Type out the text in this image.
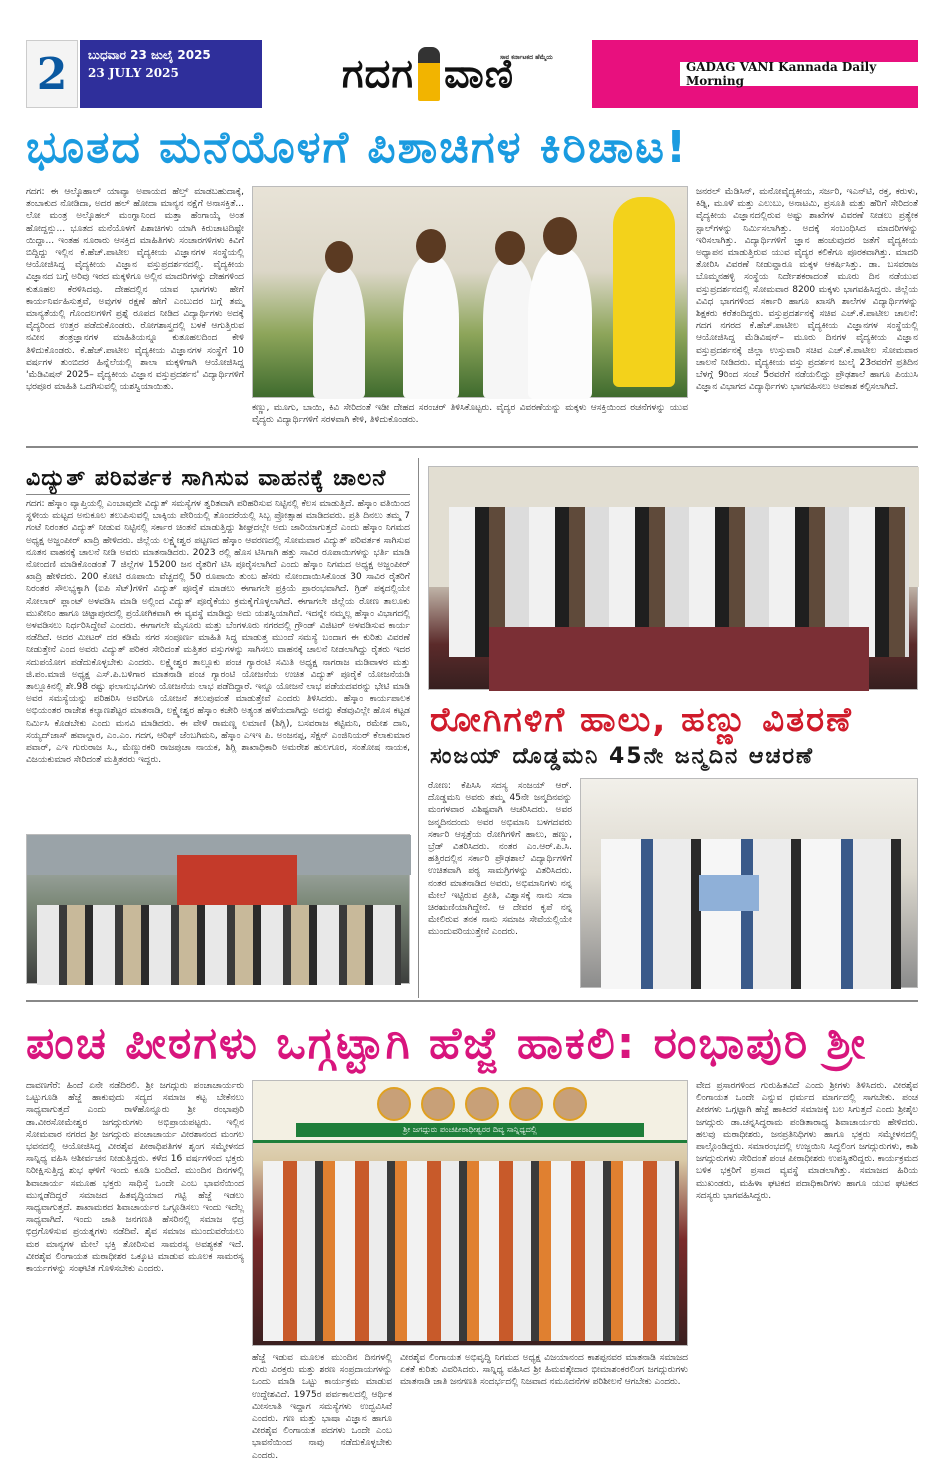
2	ಬುಧವಾರ 23 ಜುಲೈ 2025
23 JULY 2025	ಗದಗ ವಾಣಿ
ಸಾವ ಕರ್ನಾಟಕದ ಹೆಮ್ಮೆಯ
GADAG VANI Kannada Daily Morning
ಭೂತದ ಮನೆಯೊಳಗೆ ಪಿಶಾಚಿಗಳ ಕಿರಿಚಾಟ!

ಗದಗ: ಈ ಆಲ್ಕೊಹಾಲ್ ಯಾವ್ಯಾ ಅಪಾಯದ ಹೆಲ್ತ್ ಮಾಡಬಹುದಾಕ್ಕೆ, ತಂಬಾಕುದ ನೋಡಿದಾ, ಅದರ ಹಲ್ ಹೋದಾ ಮಾನ್ಯನ ನಕ್ಷೆಗೆ ಅನಾಸಕ್ತಿತೆ... ಲೋ ಮಂತ್ರ ಅಲ್ಕೊಹಲ್ ಮಂಗ್ನಾನಿಂದ ಮತ್ತಾ ಹೆಂಗಾಯ್ಕೆ ಅಂತ ಹೋದ್ದನ್ಲು... ಭೂತದ ಮನೆಯೊಳಗೆ ಪಿಶಾಚಿಗಳು ಯಾಗಿ ಕಿರುಚಾಟದಿಷ್ಟೇ ಯಿದ್ದಾ... ಇಂತಹ ನೂರಾರು ಆಸಕ್ತಿದ ಮಾಹಿತಿಗಳು ಸಂಚಾರಗಳಿಗಳು ಕಿವಿಗೆ ಬಿದ್ದಿದ್ದು ಇಲ್ಲಿನ ಕೆ.ಹೆಚ್.ಪಾಟೀಲ ವೈದ್ಯಕೀಯ ವಿಜ್ಞಾನಗಳ ಸಂಸ್ಥೆಯಲ್ಲಿ ಆಯೋಜಿಸಿದ್ದ ವೈದ್ಯಕೀಯ ವಿಜ್ಞಾನ ವಸ್ತುಪ್ರದರ್ಶನದಲ್ಲಿ. ವೈದ್ಯಕೀಯ ವಿಜ್ಞಾನದ ಬಗ್ಗೆ ಅರಿವು ಇರದ ಮಕ್ಕಳಿಗೂ ಅಲ್ಲಿನ ಮಾದರಿಗಳನ್ನು ದೇಹಗಳಿಂದ ಕುತೂಹಲ ಕೆರಳಿಸಿದವು. ದೇಹದಲ್ಲಿನ ಯಾವ ಭಾಗಗಳು ಹೇಗೆ ಕಾರ್ಯನಿರ್ವಹಿಸುತ್ತವೆ, ಅವುಗಳ ರಕ್ಷಣೆ ಹೇಗೆ ಎಂಬುದರ ಬಗ್ಗೆ ತಮ್ಮ ಮಾನ್ಯತೆಯಲ್ಲಿ ಗೊಂದಲಗಳಿಗೆ ಪ್ರಶ್ನೆ ರೂಪದ ನೀಡಿದ ವಿದ್ಯಾರ್ಥಿಗಳು ಅದಕ್ಕೆ ವೈದ್ಯರಿಂದ ಉತ್ತರ ಪಡೆದುಕೊಂಡರು. ರೋಗಶಾಸ್ತ್ರದಲ್ಲಿ ಬಳಕೆ ಆಗುತ್ತಿರುವ ನವೀನ ತಂತ್ರಜ್ಞಾನಗಳ ಮಾಹಿತಿಯನ್ನೂ ಕುತೂಹಲದಿಂದ ಕೇಳಿ ತಿಳಿದುಕೊಂಡರು. ಕೆ.ಹೆಚ್.ಪಾಟೀಲ ವೈದ್ಯಕೀಯ ವಿಜ್ಞಾನಗಳ ಸಂಸ್ಥೆಗೆ 10 ವರ್ಷಗಳ ತುಂಬಿದರ ಹಿನ್ನೆಲೆಯಲ್ಲಿ ಶಾಲಾ ಮಕ್ಕಳಿಗಾಗಿ ಆಯೋಜಿಸಿದ್ದ 'ಮೆಡಿವಿಷನ್ 2025– ವೈದ್ಯಕೀಯ ವಿಜ್ಞಾನ ವಸ್ತುಪ್ರದರ್ಶನ' ವಿದ್ಯಾರ್ಥಿಗಳಿಗೆ ಭರಪೂರ ಮಾಹಿತಿ ಒದಗಿಸುವಲ್ಲಿ ಯಶಸ್ವಿಯಾಯಿತು.

ಕಣ್ಣು, ಮೂಗು, ಬಾಯಿ, ಕಿವಿ ಸೇರಿದಂತೆ ಇಡೀ ದೇಹದ ಸರಂಚರ್ ತಿಳಿಸಿಕೊಟ್ಟರು. ವೈದ್ಯರ ವಿವರಣೆಯನ್ನು ಮಕ್ಕಳು ಆಸಕ್ತಿಯಿಂದ ರಚನೆಗಳನ್ನು ಯುವ ವೈದ್ಯರು ವಿದ್ಯಾರ್ಥಿಗಳಿಗೆ ಸರಳವಾಗಿ ಕೇಳಿ, ತಿಳಿದುಕೊಂಡರು.

ಜನರಲ್ ಮೆಡಿಸಿನ್, ಮನೋವೈದ್ಯಕೀಯ, ಸರ್ಜರಿ, ಇಎನ್‌ಟಿ, ರಕ್ತ, ಕರುಳು, ಕಿಡ್ನಿ, ಮೂಳೆ ಮತ್ತು ಎಲುಬು, ಅನಾಟಮಿ, ಪ್ರಸೂತಿ ಮತ್ತು ಹೆರಿಗೆ ಸೇರಿದಂತೆ ವೈದ್ಯಕೀಯ ವಿಜ್ಞಾನದಲ್ಲಿರುವ ಅಷ್ಟು ಶಾಖೆಗಳ ವಿವರಣೆ ನೀಡಲು ಪ್ರತ್ಯೇಕ ಸ್ಟಾಲ್‌ಗಳನ್ನು ನಿರ್ಮಿಸಲಾಗಿತ್ತು. ಅದಕ್ಕೆ ಸಂಬಂಧಿಸಿದ ಮಾದರಿಗಳನ್ನು ಇರಿಸಲಾಗಿತ್ತು. ವಿದ್ಯಾರ್ಥಿಗಳಿಗೆ ಜ್ಞಾನ ಹಂಚುವುದರ ಜತೆಗೆ ವೈದ್ಯಕೀಯ ಅಧ್ಯಾಪನ ಮಾಡುತ್ತಿರುವ ಯುವ ವೈದ್ಯರ ಕಲಿಕೆಗೂ ಪೂರಕವಾಗಿತ್ತು. ಮಾದರಿ ತೋರಿಸಿ ವಿವರಣೆ ನೀಡುವ್ದಾರೂ ಮಕ್ಕಳ ಆಕರ್ಷಿಸಿತ್ತು. ಡಾ. ಬಸವರಾಜ ಬೊಮ್ಮನಹಳ್ಳಿ ಸಂಸ್ಥೆಯ ನಿರ್ದೇಶಕರಾದಂತೆ ಮೂರು ದಿನ ನಡೆಯುವ ವಸ್ತುಪ್ರದರ್ಶನದಲ್ಲಿ ಸೋಮವಾರ 8200 ಮಕ್ಕಳು ಭಾಗವಹಿಸಿದ್ದರು. ಜಿಲ್ಲೆಯ ವಿವಿಧ ಭಾಗಗಳಿಂದ ಸರ್ಕಾರಿ ಹಾಗೂ ಖಾಸಗಿ ಶಾಲೆಗಳ ವಿದ್ಯಾರ್ಥಿಗಳನ್ನು ಶಿಕ್ಷಕರು ಕರೆತಂದಿದ್ದರು. ವಸ್ತುಪ್ರದರ್ಶನಕ್ಕೆ ಸಚಿವ ಎಚ್.ಕೆ.ಪಾಟೀಲ ಚಾಲನೆ: ಗದಗ ನಗರದ ಕೆ.ಹೆಚ್.ಪಾಟೀಲ ವೈದ್ಯಕೀಯ ವಿಜ್ಞಾನಗಳ ಸಂಸ್ಥೆಯಲ್ಲಿ ಆಯೋಜಿಸಿದ್ದ ಮೆಡಿವಿಷನ್– ಮೂರು ದಿನಗಳ ವೈದ್ಯಕೀಯ ವಿಜ್ಞಾನ ವಸ್ತುಪ್ರದರ್ಶನಕ್ಕೆ ಜಿಲ್ಲಾ ಉಸ್ತುವಾರಿ ಸಚಿವ ಎಚ್.ಕೆ.ಪಾಟೀಲ ಸೋಮವಾರ ಚಾಲನೆ ನೀಡಿದರು. ವೈದ್ಯಕೀಯ ವಸ್ತು ಪ್ರದರ್ಶನ ಜುಲೈ 23ರವರೆಗೆ ಪ್ರತಿದಿನ ಬೆಳಗ್ಗೆ 9ರಿಂದ ಸಂಜೆ 5ರವರೆಗೆ ನಡೆಯಲಿದ್ದು ಪ್ರೌಢಶಾಲೆ ಹಾಗೂ ಪಿಯುಸಿ ವಿಜ್ಞಾನ ವಿಭಾಗದ ವಿದ್ಯಾರ್ಥಿಗಳು ಭಾಗವಹಿಸಲು ಅವಕಾಶ ಕಲ್ಪಿಸಲಾಗಿದೆ.

ವಿದ್ಯುತ್ ಪರಿವರ್ತಕ ಸಾಗಿಸುವ ವಾಹನಕ್ಕೆ ಚಾಲನೆ

ಗದಗ: ಹೆಸ್ಕಾಂ ವ್ಯಾಪ್ತಿಯಲ್ಲಿ ಎಂಬಾವುದೇ ವಿದ್ಯುತ್ ಸಮಸ್ಯೆಗಳ ತ್ವರಿತವಾಗಿ ಪರಿಹರಿಸುವ ನಿಟ್ಟಿನಲ್ಲಿ ಕೆಲಸ ಮಾಡುತ್ತಿದೆ. ಹೆಸ್ಕಾಂ ವತಿಯಿಂದ ಸ್ಥಳೀಯ ಮಟ್ಟದ ಅನುಕೂಲ ತಲುಪಿಸುವಲ್ಲಿ ಬಾಕ್ಕಿಯ ಪೇರಿಯಲ್ಲಿ ತೊಂದರೆಯಲ್ಲಿ ಸಿಬ್ಬ ಪ್ರೋತ್ಸಾಹ ಮಾಡಿದವರು. ಪ್ರತಿ ದಿನಲು ತಮ್ಮ 7 ಗಂಟೆ ನಿರಂತರ ವಿದ್ಯುತ್ ನೀಡುವ ನಿಟ್ಟಿನಲ್ಲಿ ಸರ್ಕಾರ ಚಿಂತನೆ ಮಾಡುತ್ತಿದ್ದು ಶೀಘ್ರದಲ್ಲೇ ಅದು ಜಾರಿಯಾಗುತ್ತದೆ ಎಂದು ಹೆಸ್ಕಾಂ ನಿಗಮದ ಅಧ್ಯಕ್ಷ ಅಜ್ಜಂಪೀರ್ ಖಾದ್ರಿ ಹೇಳಿದರು. ಜಿಲ್ಲೆಯ ಲಕ್ಷ್ಮೇಶ್ವರ ಪಟ್ಟಣದ ಹೆಸ್ಕಾಂ ಆವರಣದಲ್ಲಿ ಸೋಮವಾರ ವಿದ್ಯುತ್ ಪರಿವರ್ತಕ ಸಾಗಿಸುವ ನೂತನ ವಾಹನಕ್ಕೆ ಚಾಲನೆ ನೀಡಿ ಅವರು ಮಾತನಾಡಿದರು. 2023 ರಲ್ಲಿ ಹೊಸ ಟಿಸಿಗಾಗಿ ಹತ್ತು ಸಾವಿರ ರೂಪಾಯಿಗಳನ್ನು ಭರ್ತಿ ಮಾಡಿ ನೋಂದಣಿ ಮಾಡಿಕೊಂಡಂತೆ 7 ಜಿಲ್ಲೆಗಳ 15200 ಜನ ರೈತರಿಗೆ ಟಿಸಿ ಪೂರೈಸಲಾಗಿದೆ ಎಂದು ಹೆಸ್ಕಾಂ ನಿಗಮದ ಅಧ್ಯಕ್ಷ ಅಜ್ಜಂಪೀರ್ ಖಾದ್ರಿ ಹೇಳಿದರು. 200 ಕೋಟಿ ರೂಪಾಯಿ ವೆಚ್ಚದಲ್ಲಿ 50 ರೂಪಾಯಿ ತುಂಬ ಹೆಸರು ನೋಂದಾಯಿಸಿಕೊಂಡ 30 ಸಾವಿರ ರೈತರಿಗೆ ನಿರಂತರ ಸೌಲಭ್ಯಕ್ಕಾಗಿ (ಐಪಿ ಸೆಟ್)ಗಳಿಗೆ ವಿದ್ಯುತ್ ಪೂರೈಕೆ ಮಾಡಲು ಈಗಾಗಲೇ ಪ್ರಕ್ರಿಯೆ ಪ್ರಾರಂಭವಾಗಿದೆ. ಗ್ರಿಡ್ ಪಕ್ಕದಲ್ಲಿಯೇ ಸೋಲಾರ್ ಪ್ಲಾಂಟ್ ಅಳವಡಿಸಿ ಮಾಡಿ ಅಲ್ಲಿಂದ ವಿದ್ಯುತ್ ಪೂರೈಕೆಯು ಕ್ರಮಕೈಗೊಳ್ಳಲಾಗಿದೆ. ಈಗಾಗಲೇ ಜಿಲ್ಲೆಯ ರೋಣ ತಾಲೂಕು ಮುಖೀನಿಂ ಹಾಗೂ ಚಿಟ್ಟಾಪುರದಲ್ಲಿ ಪ್ರಯೋಗಿಕವಾಗಿ ಈ ವ್ಯವಸ್ಥೆ ಮಾಡಿದ್ದು ಅದು ಯಶಸ್ವಿಯಾಗಿದೆ. ಇದನ್ನೇ ನಮ್ಮಲ್ಲ ಹೆಸ್ಕಾಂ ವಿಭಾಗದಲ್ಲಿ ಅಳವಡಿಸಲು ನಿರ್ಧರಿಸಿದ್ದೇವೆ ಎಂದರು. ಈಗಾಗಲೇ ಮೈಸೂರು ಮತ್ತು ಬೆಂಗಳೂರು ನಗರದಲ್ಲಿ ಗ್ರೌಂಡ್ ವಿಜಿಟರ್ ಅಳವಡಿಸುವ ಕಾರ್ಯ ನಡೆದಿದೆ. ಅದರ ಮೀಟರ್ ದರ ಕಡಿಮೆ ನಗರ ಸಂಪೂರ್ಣ ಮಾಹಿತಿ ಸಿದ್ಧ ಮಾಡುತ್ತ ಮುಂದೆ ಸಮಸ್ಯೆ ಬಂದಾಗ ಈ ಕುರಿತು ವಿವರಣೆ ನೀಡುತ್ತೇನೆ ಎಂದ ಅವರು ವಿದ್ಯುತ್ ಪರಿಕರ ಸೇರಿದಂತೆ ಮತ್ತಿತರ ವಸ್ತುಗಳನ್ನು ಸಾಗಿಸಲು ವಾಹನಕ್ಕೆ ಚಾಲನೆ ನೀಡಲಾಗಿದ್ದು ರೈತರು ಇದರ ಸದುಪಯೋಗ ಪಡೆದುಕೊಳ್ಳಬೇಕು ಎಂದರು. ಲಕ್ಷ್ಮೇಶ್ವರ ತಾಲ್ಲೂಕು ಪಂಚ ಗ್ಯಾರಂಟಿ ಸಮಿತಿ ಅಧ್ಯಕ್ಷ ನಾಗರಾಜ ಮಡಿವಾಳರ ಮತ್ತು ಜಿ.ಪಂ.ಮಾಜಿ ಅಧ್ಯಕ್ಷ ಎಸ್.ಪಿ.ಬಳಿಗಾರ ಮಾತನಾಡಿ ಪಂಚ ಗ್ಯಾರಂಟಿ ಯೋಜನೆಯ ಉಚಿತ ವಿದ್ಯುತ್ ಪೂರೈಕೆ ಯೋಜನೆಯಡಿ ತಾಲ್ಲೂಕಿನಲ್ಲಿ ಶೇ.98 ರಷ್ಟು ಫಲಾನುಭವಿಗಳು ಯೋಜನೆಯ ಲಾಭ ಪಡೆದಿದ್ದಾರೆ. ಇನ್ನೂ ಯೋಜನೆ ಲಾಭ ಪಡೆಯದವರನ್ನು ಭೇಟಿ ಮಾಡಿ ಅವರ ಸಮಸ್ಯೆಯನ್ನು ಪರಿಹರಿಸಿ ಅವರಿಗೂ ಯೋಜನೆ ತಲುಪುವಂತೆ ಮಾಡುತ್ತೇವೆ ಎಂದರು ತಿಳಿಸಿದರು. ಹೆಸ್ಕಾಂ ಕಾರ್ಯಪಾಲಕ ಅಭಿಯಂತರ ರಾಜೇಶ ಕಲ್ಯಾಣಶೆಟ್ಟರ ಮಾತನಾಡಿ, ಲಕ್ಷ್ಮೇಶ್ವರ ಹೆಸ್ಕಾಂ ಕಚೇರಿ ಅತ್ಯಂತ ಹಳೆಯದಾಗಿದ್ದು ಅದನ್ನು ಕೆಡವುವಿಲ್ಲೇ ಹೊಸ ಕಟ್ಟಡ ನಿರ್ಮಿಸಿ ಕೊಡಬೇಕು ಎಂದು ಮನವಿ ಮಾಡಿದರು. ಈ ವೇಳೆ ರಾಮಣ್ಣ ಲಮಾಣಿ (ಶಿಗ್ಲಿ), ಬಸವರಾಜ ಕಟ್ಟಿಮನಿ, ರಮೇಶ ದಾನಿ, ಸಯ್ಯದ್‌ಜಾಸ್ ಹವಾಲ್ದಾರ, ಎಂ.ಎಂ. ಗದಗ, ಆರಿಫ್ ಜೆಂಬಗಿಮನಿ, ಹೆಸ್ಕಾಂ ಎಇಇ ಪಿ. ಅಂಜನಪ್ಪ, ಸೆಕ್ಷನ್ ಎಂಜಿನಿಯರ್ ಕೆಲಾಕುಮಾರ ಪವಾರ್, ಎಇ ಗುರುರಾಜ ಸಿ., ಮೆಣ್ಣುರಕರಿ ರಾಜಪುಚಾ ನಾಯಕ, ಶಿಗ್ಲಿ ಶಾಖಾಧಿಕಾರಿ ಅಮರೇಶ ಹುಲಗೂರ, ಸಂತೋಷ ನಾಯಕ, ವಿಜಯಕುಮಾರ ಸೇರಿದಂತೆ ಮತ್ತಿತರರು ಇದ್ದರು.

ರೋಗಿಗಳಿಗೆ ಹಾಲು, ಹಣ್ಣು ವಿತರಣೆ
ಸಂಜಯ್ ದೊಡ್ಡಮನಿ 45ನೇ ಜನ್ಮದಿನ ಆಚರಣೆ

ರೋಣ: ಕೆಪಿಸಿಸಿ ಸದಸ್ಯ ಸಂಜಯ್ ಆರ್. ದೊಡ್ಡಮನಿ ಅವರು ತಮ್ಮ 45ನೇ ಜನ್ಮದಿನವನ್ನು ಮಂಗಳವಾರ ವಿಶಿಷ್ಟವಾಗಿ ಆಚರಿಸಿದರು. ಅವರ ಜನ್ಮದಿನದಂದು ಅವರ ಅಭಿಮಾನಿ ಬಳಗದವರು ಸರ್ಕಾರಿ ಆಸ್ಪತ್ರೆಯ ರೋಗಿಗಳಿಗೆ ಹಾಲು, ಹಣ್ಣು, ಬ್ರೆಡ್ ವಿತರಿಸಿದರು. ನಂತರ ಎಂ.ಆರ್.ಪಿ.ಸಿ. ಹತ್ತಿರದಲ್ಲಿನ ಸರ್ಕಾರಿ ಪ್ರೌಢಶಾಲೆ ವಿದ್ಯಾರ್ಥಿಗಳಿಗೆ ಉಚಿತವಾಗಿ ಪಠ್ಯ ಸಾಮಗ್ರಿಗಳನ್ನು ವಿತರಿಸಿದರು. ನಂತರ ಮಾತನಾಡಿದ ಅವರು, ಅಭಿಮಾನಿಗಳು ನನ್ನ ಮೇಲೆ ಇಟ್ಟಿರುವ ಪ್ರೀತಿ, ವಿಶ್ವಾಸಕ್ಕೆ ನಾನು ಸದಾ ಚಿರಋಣಿಯಾಗಿದ್ದೇನೆ. ಆ ದೇವರ ಕೃಪೆ ನನ್ನ ಮೇಲಿರುವ ತನಕ ನಾನು ಸಮಾಜ ಸೇವೆಯಲ್ಲಿಯೇ ಮುಂದುವರಿಯುತ್ತೇನೆ ಎಂದರು.

ಪಂಚ ಪೀಠಗಳು ಒಗ್ಗಟ್ಟಾಗಿ ಹೆಜ್ಜೆ ಹಾಕಲಿ: ರಂಭಾಪುರಿ ಶ್ರೀ

ದಾವಣಗೆರೆ: ಹಿಂದೆ ಏನೇ ನಡೆದಿರಲಿ. ಶ್ರೀ ಜಗದ್ಗುರು ಪಂಚಾಚಾರ್ಯರು ಒಟ್ಟುಗೂಡಿ ಹೆಜ್ಜೆ ಹಾಕುವುದು ಸದ್ಯದ ಸಮಾಜ ಕಟ್ಟ ಬೇಕೆನಲು ಸಾಧ್ಯವಾಗುತ್ತದೆ ಎಂದು ರಾಳೆಹೊನ್ನೂರು ಶ್ರೀ ರಂಭಾಪುರಿ ಡಾ.ವೀರಸೋಮೇಶ್ವರ ಜಗದ್ಗುರುಗಳು ಅಭಿಪ್ರಾಯಪಟ್ಟರು. ಇಲ್ಲಿನ ಸೋಮವಾರ ನಗರದ ಶ್ರೀ ಜಗದ್ಗುರು ಪಂಚಾಚಾರ್ಯ ವೀರಶಾನಂದ ಮಂಗಲ ಭವನದಲ್ಲಿ ಆಯೋಜಿಸಿದ್ದ ವೀರಶೈವ ಪೀಠಾಧಿಪತಿಗಳ ಶೃಂಗ ಸಮ್ಮೇಳನದ ಸಾನ್ನಿಧ್ಯ ವಹಿಸಿ ಆಶೀರ್ವಚನ ನೀಡುತ್ತಿದ್ದರು. ಕಳೆದ 16 ವರ್ಷಗಳಿಂದ ಭಕ್ತರು ನಿರೀಕ್ಷಿಸುತ್ತಿದ್ದ ಶುಭ ಘಳಿಗೆ ಇಂದು ಕೂಡಿ ಬಂದಿದೆ. ಮುಂದಿನ ದಿನಗಳಲ್ಲಿ ಶಿವಾಚಾರ್ಯ ಸಮೂಹ ಭಕ್ತರು ಸಾಧಿಸ್ತೆ ಒಂದೇ ಎಂಬ ಭಾವನೆಯಿಂದ ಮುನ್ನಡೆದಿದ್ದರೆ ಸಮಾಜದ ಹಿತವೃದ್ಧಿಯಾದ ಗಟ್ಟಿ ಹೆಜ್ಜೆ ಇಡಲು ಸಾಧ್ಯವಾಗುತ್ತದೆ. ಶಾಖಾಮಠದ ಶಿವಾಚಾರ್ಯರ ಒಗ್ಗೂಡಿಸಲು ಇಂದು ಇದೆಲ್ಲ ಸಾಧ್ಯವಾಗಿದೆ. ಇಂದು ಜಾತಿ ಜನಗಣತಿ ಹೆಸರಿನಲ್ಲಿ ಸಮಾಜ ಛಿದ್ರ ಛಿದ್ರಗೊಳಿಸುವ ಪ್ರಯತ್ನಗಳು ನಡೆದಿವೆ. ಶೈವ ಸಮಾಜ ಮುಂದುವರೆಯಲು ಮಠ ಮಾನ್ಯಗಳ ಮೇಲೆ ಭಕ್ತಿ ತೋರಿಸುವ ಸಾಮರಸ್ಯ ಅವಶ್ಯಕತೆ ಇದೆ. ವೀರಶೈವ ಲಿಂಗಾಯತ ಮಠಾಧೀಶರ ಒಕ್ಕೂಟ ಮಾಡುವ ಮೂಲಕ ಸಾಮರಸ್ಯ ಕಾರ್ಯಗಳನ್ನು ಸಂಘಟಿತ ಗೊಳಿಸಬೇಕು ಎಂದರು.

ಶ್ರೀ ಜಗದ್ಗುರು ಪಂಚಪೀಠಾಧೀಶ್ವರರ ದಿವ್ಯ ಸಾನ್ನಿಧ್ಯದಲ್ಲಿ

ಹೆಜ್ಜೆ ಇಡುವ ಮೂಲಕ ಮುಂದಿನ ದಿನಗಳಲ್ಲಿ ಗುರು ವಿರಕ್ತರು ಮತ್ತು ಶರಣ ಸಂಪ್ರದಾಯಗಳನ್ನು ಒಂದು ಮಾಡಿ ಒಟ್ಟು ಕಾರ್ಯಕ್ರಮ ಮಾಡುವ ಉದ್ದೇಶವಿದೆ. 1975ರ ಪರ್ವಕಾಲದಲ್ಲಿ ಆರ್ಥಿಕ ಮೀಸಲಾತಿ ಇದ್ದಾಗ ಸಮಸ್ಯೆಗಳು ಉದ್ಭವಿಸಿವೆ ಎಂದರು. ಗಣ ಮತ್ತು ಭಾಷಾ ವಿಜ್ಞಾನ ಹಾಗೂ ವೀರಶೈವ ಲಿಂಗಾಯತ ಪದಗಳು ಒಂದೇ ಎಂಬ ಭಾವನೆಯಿಂದ ನಾವು ನಡೆದುಕೊಳ್ಳಬೇಕು ಎಂದರು.

ವೀರಶೈವ ಲಿಂಗಾಯತ ಅಭಿವೃದ್ಧಿ ನಿಗಮದ ಅಧ್ಯಕ್ಷ ವಿಜಯಾನಂದ ಕಾಶಪ್ಪನವರ ಮಾತನಾಡಿ ಸಮಾಜದ ಏಕತೆ ಕುರಿತು ವಿವರಿಸಿದರು. ಸಾನ್ನಿಧ್ಯ ವಹಿಸಿದ ಶ್ರೀ ಹಿಮವತ್ಕೇದಾರ ಭೀಮಾಶಂಕರಲಿಂಗ ಜಗದ್ಗುರುಗಳು ಮಾತನಾಡಿ ಜಾತಿ ಜನಗಣತಿ ಸಂದರ್ಭದಲ್ಲಿ ನಿಜವಾದ ನಮೂದನೆಗಳ ಪರಿಶೀಲನೆ ಆಗಬೇಕು ಎಂದರು.

ವೇದ ಪ್ರಸಾರಗಳಿಂದ ಗುರುಹಿತವಿದೆ ಎಂದು ಶ್ರೀಗಳು ತಿಳಿಸಿದರು. ವೀರಶೈವ ಲಿಂಗಾಯತ ಒಂದೇ ಎನ್ನುವ ಧರ್ಮದ ಮಾರ್ಗದಲ್ಲಿ ಸಾಗಬೇಕು. ಪಂಚ ಪೀಠಗಳು ಒಗ್ಗಟ್ಟಾಗಿ ಹೆಜ್ಜೆ ಹಾಕಿದರೆ ಸಮಾಜಕ್ಕೆ ಬಲ ಸಿಗುತ್ತದೆ ಎಂದು ಶ್ರೀಶೈಲ ಜಗದ್ಗುರು ಡಾ.ಚನ್ನಸಿದ್ಧರಾಮ ಪಂಡಿತಾರಾಧ್ಯ ಶಿವಾಚಾರ್ಯರು ಹೇಳಿದರು. ಹಲವು ಮಠಾಧೀಶರು, ಜನಪ್ರತಿನಿಧಿಗಳು ಹಾಗೂ ಭಕ್ತರು ಸಮ್ಮೇಳನದಲ್ಲಿ ಪಾಲ್ಗೊಂಡಿದ್ದರು. ಸಮಾರಂಭದಲ್ಲಿ ಉಜ್ಜಯಿನಿ ಸಿದ್ಧಲಿಂಗ ಜಗದ್ಗುರುಗಳು, ಕಾಶಿ ಜಗದ್ಗುರುಗಳು ಸೇರಿದಂತೆ ಪಂಚ ಪೀಠಾಧೀಶರು ಉಪಸ್ಥಿತರಿದ್ದರು. ಕಾರ್ಯಕ್ರಮದ ಬಳಿಕ ಭಕ್ತರಿಗೆ ಪ್ರಸಾದ ವ್ಯವಸ್ಥೆ ಮಾಡಲಾಗಿತ್ತು. ಸಮಾಜದ ಹಿರಿಯ ಮುಖಂಡರು, ಮಹಿಳಾ ಘಟಕದ ಪದಾಧಿಕಾರಿಗಳು ಹಾಗೂ ಯುವ ಘಟಕದ ಸದಸ್ಯರು ಭಾಗವಹಿಸಿದ್ದರು.
